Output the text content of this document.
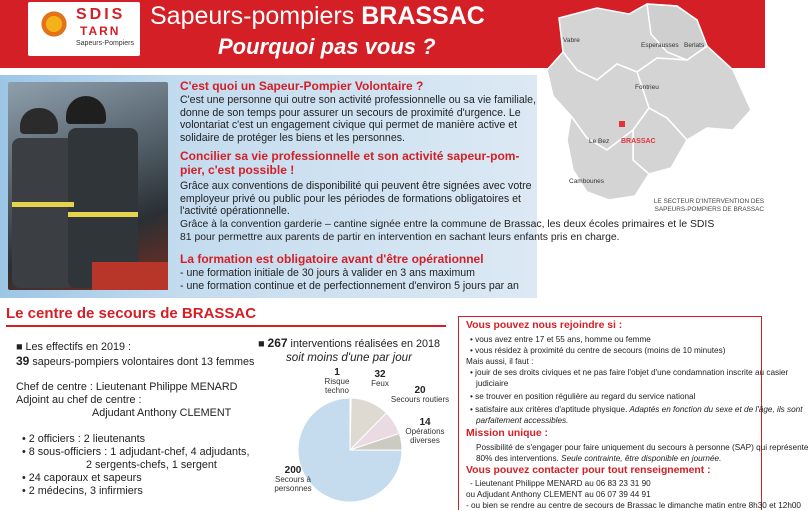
SDIS
TARN
Sapeurs-Pompiers
Sapeurs-pompiers BRASSAC
Pourquoi pas vous ?	Vabre
Esperausses Berlats
Fontrieu
Le Bez BRASSAC
Cambounes
LE SECTEUR D'INTERVENTION DES
SAPEURS-POMPIERS DE BRASSAC
C'est quoi un Sapeur-Pompier Volontaire ?
C'est une personne qui outre son activité professionnelle ou sa vie familiale,
donne de son temps pour assurer un secours de proximité d'urgence. Le
volontariat c'est un engagement civique qui permet de manière active et
solidaire de protéger les biens et les personnes.
Concilier sa vie professionnelle et son activité sapeur-pom-
pier, c'est possible !
Grâce aux conventions de disponibilité qui peuvent être signées avec votre
employeur privé ou public pour les périodes de formations obligatoires et
l'activité opérationnelle.
Grâce à la convention garderie – cantine signée entre la commune de Brassac, les deux écoles primaires et le SDIS
81 pour permettre aux parents de partir en intervention en sachant leurs enfants pris en charge.
La formation est obligatoire avant d'être opérationnel
- une formation initiale de 30 jours à valider en 3 ans maximum
- une formation continue et de perfectionnement d'environ 5 jours par an
Le centre de secours de BRASSAC
■ Les effectifs en 2019 :
39 sapeurs-pompiers volontaires dont 13 femmes
Chef de centre : Lieutenant Philippe MENARD
Adjoint au chef de centre :
Adjudant Anthony CLEMENT
• 2 officiers : 2 lieutenants
• 8 sous-officiers : 1 adjudant-chef, 4 adjudants,
2 sergents-chefs, 1 sergent
• 24 caporaux et sapeurs
• 2 médecins, 3 infirmiers
■ 267 interventions réalisées en 2018
soit moins d'une par jour
1
Risque techno
32
Feux
20
Secours routiers
14
Opérations diverses
200
Secours à personnes
Vous pouvez nous rejoindre si :
• vous avez entre 17 et 55 ans, homme ou femme
• vous résidez à proximité du centre de secours (moins de 10 minutes)
Mais aussi, il faut :
• jouir de ses droits civiques et ne pas faire l'objet d'une condamnation inscrite au casier
judiciaire
• se trouver en position régulière au regard du service national
• satisfaire aux critères d'aptitude physique. Adaptés en fonction du sexe et de l'âge, ils sont
parfaitement accessibles.
Mission unique :
Possibilité de s'engager pour faire uniquement du secours à personne (SAP) qui représente
80% des interventions. Seule contrainte, être disponible en journée.
Vous pouvez contacter pour tout renseignement :
- Lieutenant Philippe MENARD au 06 83 23 31 90
ou Adjudant Anthony CLEMENT au 06 07 39 44 91
- ou bien se rendre au centre de secours de Brassac le dimanche matin entre 8h30 et 12h00
